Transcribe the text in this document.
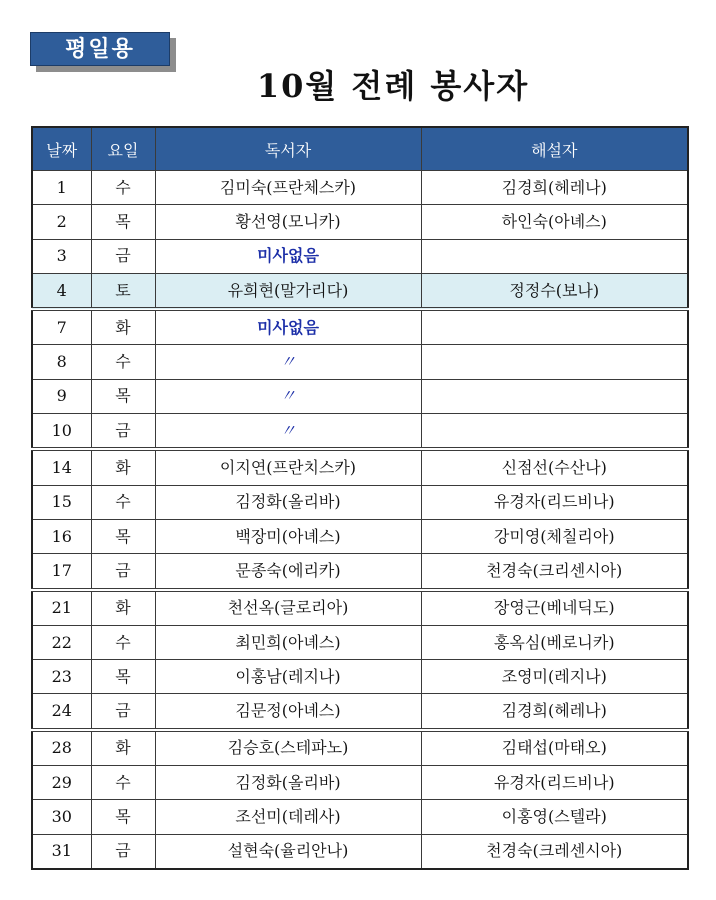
평일용
10월 전례 봉사자
날짜	요일	독서자	해설자
1	수	김미숙(프란체스카)	김경희(헤레나)
2	목	황선영(모니카)	하인숙(아녜스)
3	금	미사없음	
4	토	유희현(말가리다)	정정수(보나)
7	화	미사없음	
8	수	〃	
9	목	〃	
10	금	〃	
14	화	이지연(프란치스카)	신점선(수산나)
15	수	김정화(올리바)	유경자(리드비나)
16	목	백장미(아녜스)	강미영(체칠리아)
17	금	문종숙(에리카)	천경숙(크리센시아)
21	화	천선옥(글로리아)	장영근(베네딕도)
22	수	최민희(아녜스)	홍옥심(베로니카)
23	목	이홍남(레지나)	조영미(레지나)
24	금	김문정(아녜스)	김경희(헤레나)
28	화	김승호(스테파노)	김태섭(마태오)
29	수	김정화(올리바)	유경자(리드비나)
30	목	조선미(데레사)	이홍영(스텔라)
31	금	설현숙(율리안나)	천경숙(크레센시아)
